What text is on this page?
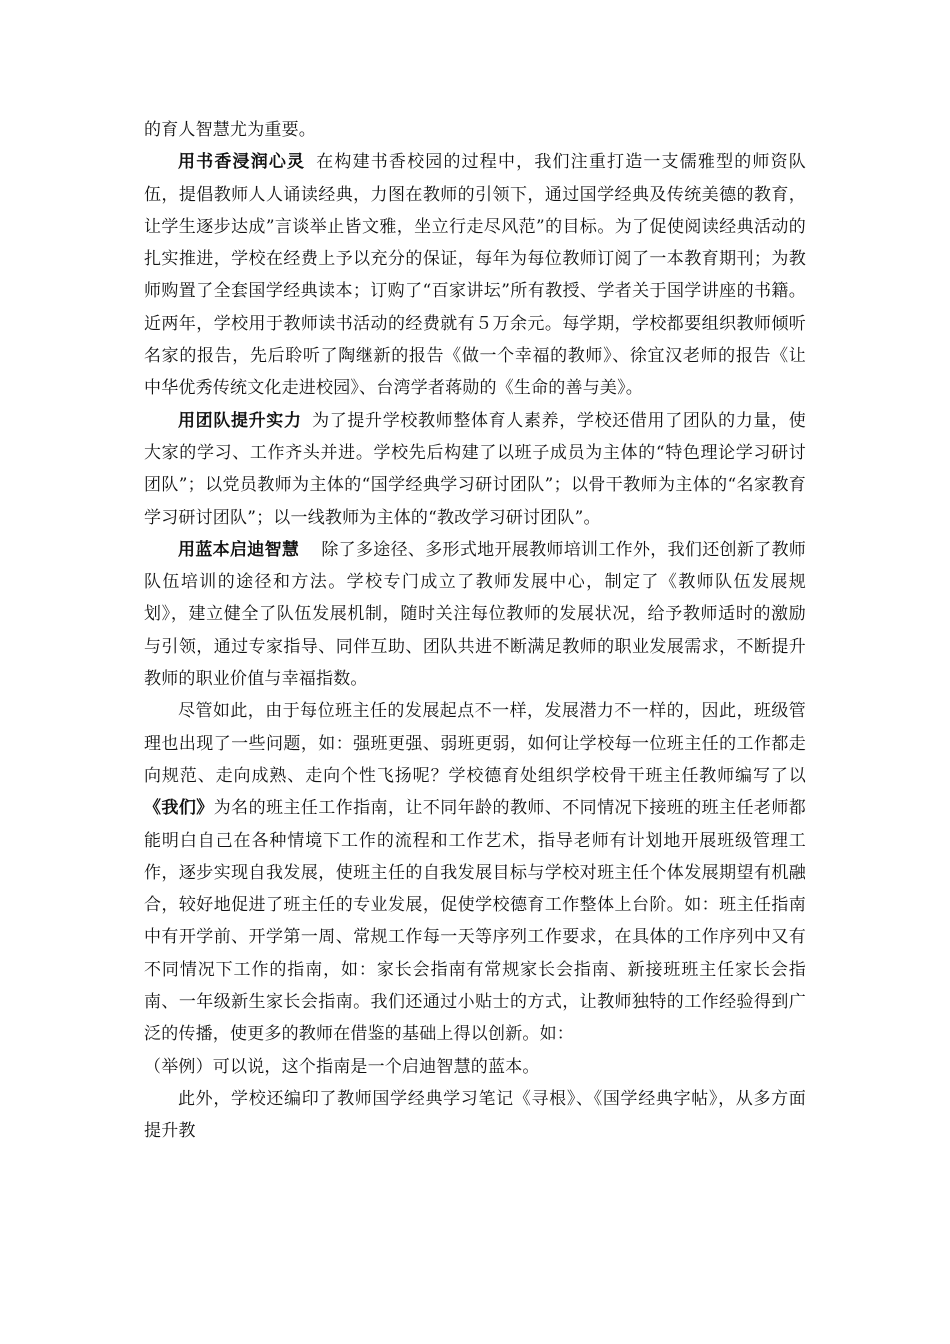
的育人智慧尤为重要。

用书香浸润心灵 在构建书香校园的过程中，我们注重打造一支儒雅型的师资队伍，提倡教师人人诵读经典，力图在教师的引领下，通过国学经典及传统美德的教育，让学生逐步达成”言谈举止皆文雅，坐立行走尽风范”的目标。为了促使阅读经典活动的扎实推进，学校在经费上予以充分的保证，每年为每位教师订阅了一本教育期刊；为教师购置了全套国学经典读本；订购了“百家讲坛”所有教授、学者关于国学讲座的书籍。近两年，学校用于教师读书活动的经费就有５万余元。每学期，学校都要组织教师倾听名家的报告，先后聆听了陶继新的报告《做一个幸福的教师》、徐宜汉老师的报告《让中华优秀传统文化走进校园》、台湾学者蒋勋的《生命的善与美》。

用团队提升实力 为了提升学校教师整体育人素养，学校还借用了团队的力量，使大家的学习、工作齐头并进。学校先后构建了以班子成员为主体的“特色理论学习研讨团队”；以党员教师为主体的“国学经典学习研讨团队”；以骨干教师为主体的“名家教育学习研讨团队”；以一线教师为主体的“教改学习研讨团队”。

用蓝本启迪智慧 除了多途径、多形式地开展教师培训工作外，我们还创新了教师队伍培训的途径和方法。学校专门成立了教师发展中心，制定了《教师队伍发展规划》，建立健全了队伍发展机制，随时关注每位教师的发展状况，给予教师适时的激励与引领，通过专家指导、同伴互助、团队共进不断满足教师的职业发展需求，不断提升教师的职业价值与幸福指数。

尽管如此，由于每位班主任的发展起点不一样，发展潜力不一样的，因此，班级管理也出现了一些问题，如：强班更强、弱班更弱，如何让学校每一位班主任的工作都走向规范、走向成熟、走向个性飞扬呢？学校德育处组织学校骨干班主任教师编写了以《我们》为名的班主任工作指南，让不同年龄的教师、不同情况下接班的班主任老师都能明白自己在各种情境下工作的流程和工作艺术，指导老师有计划地开展班级管理工作，逐步实现自我发展，使班主任的自我发展目标与学校对班主任个体发展期望有机融合，较好地促进了班主任的专业发展，促使学校德育工作整体上台阶。如：班主任指南中有开学前、开学第一周、常规工作每一天等序列工作要求，在具体的工作序列中又有不同情况下工作的指南，如：家长会指南有常规家长会指南、新接班班主任家长会指南、一年级新生家长会指南。我们还通过小贴士的方式，让教师独特的工作经验得到广泛的传播，使更多的教师在借鉴的基础上得以创新。如：

（举例）可以说，这个指南是一个启迪智慧的蓝本。

此外，学校还编印了教师国学经典学习笔记《寻根》、《国学经典字帖》，从多方面提升教
